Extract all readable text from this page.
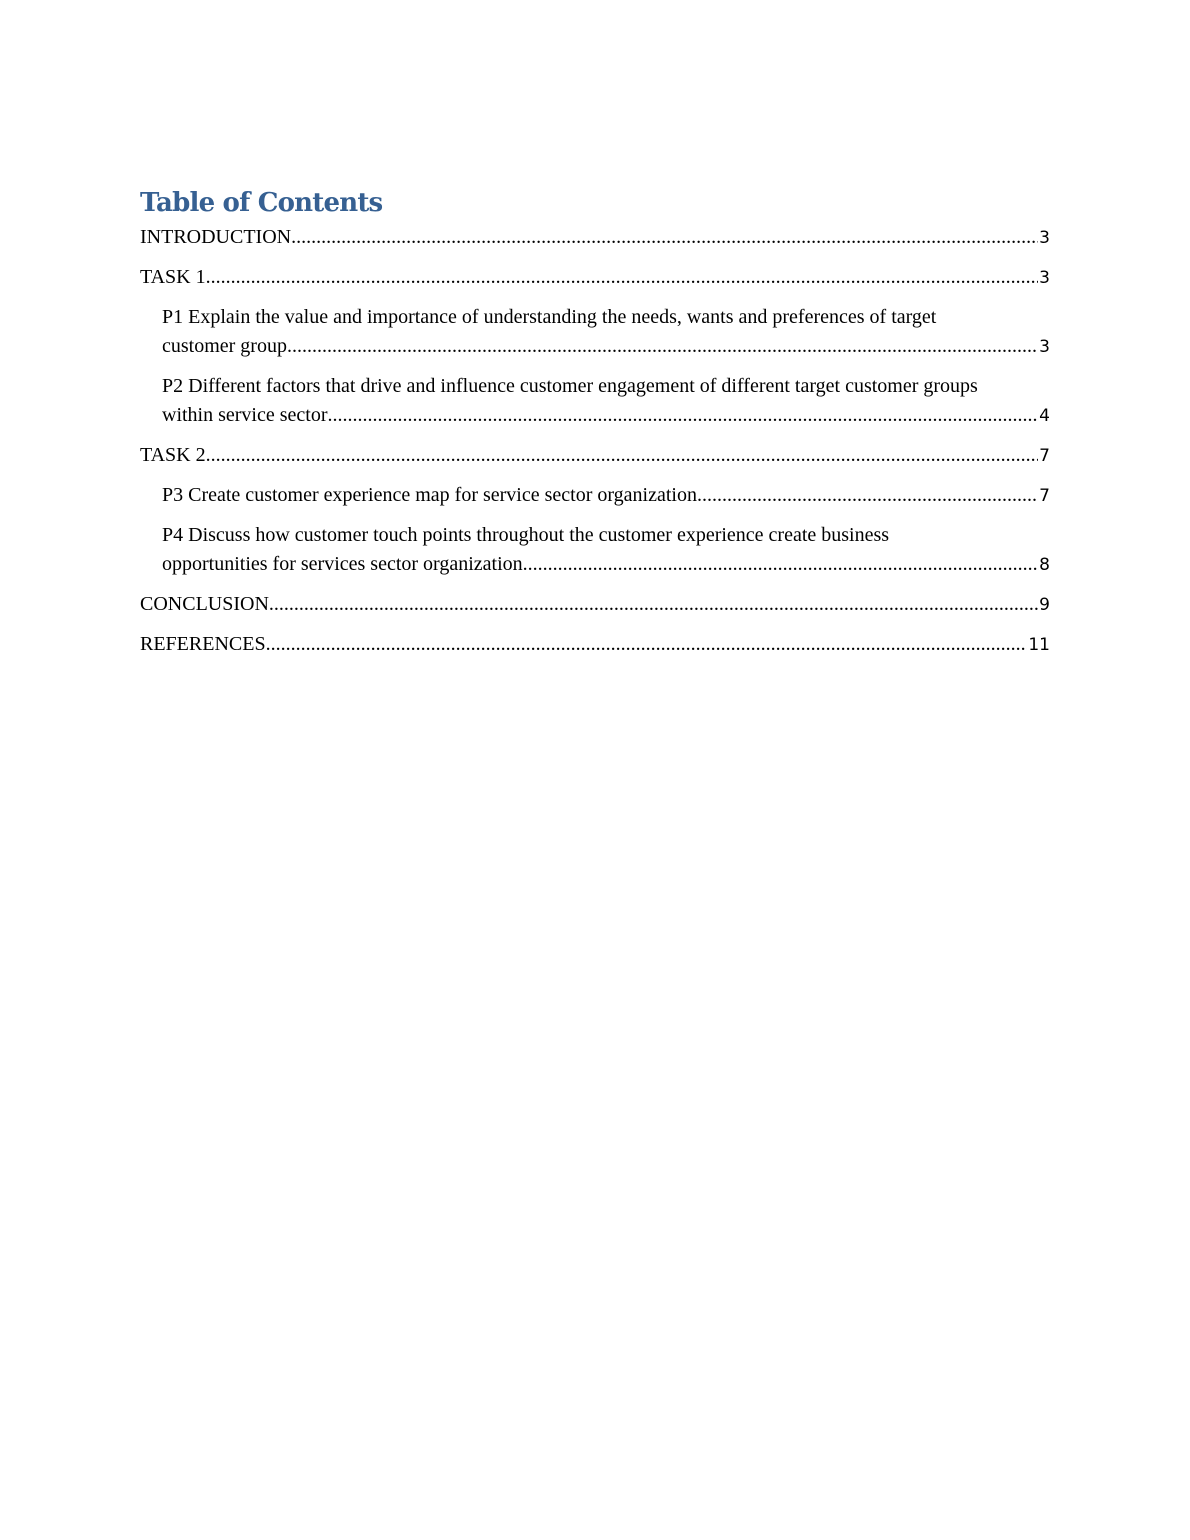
Table of Contents
INTRODUCTION .....	3
TASK 1 .....	3
P1 Explain the value and importance of understanding the needs, wants and preferences of target
customer group .....	3
P2 Different factors that drive and influence customer engagement of different target customer groups
within service sector .....	4
TASK 2 .....	7
P3 Create customer experience map for service sector organization .....	7
P4 Discuss how customer touch points throughout the customer experience create business
opportunities for services sector organization .....	8
CONCLUSION .....	9
REFERENCES .....	11
